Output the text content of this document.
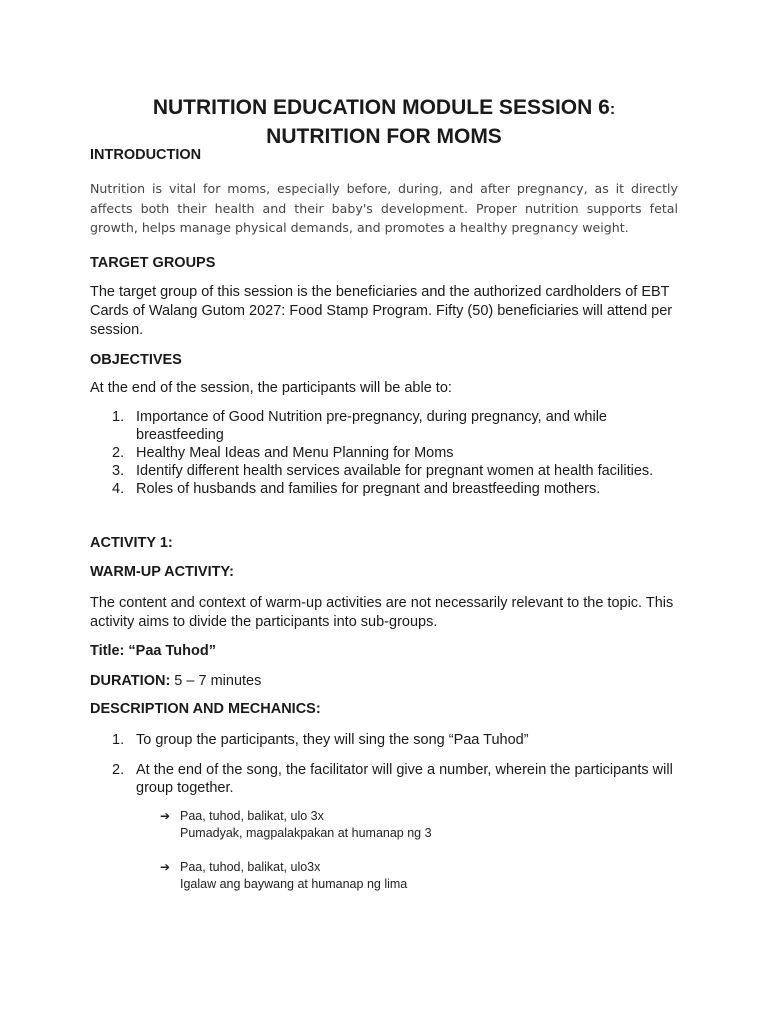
NUTRITION EDUCATION MODULE SESSION 6:
NUTRITION FOR MOMS
INTRODUCTION
Nutrition is vital for moms, especially before, during, and after pregnancy, as it directly affects both their health and their baby's development. Proper nutrition supports fetal growth, helps manage physical demands, and promotes a healthy pregnancy weight.
TARGET GROUPS
The target group of this session is the beneficiaries and the authorized cardholders of EBT Cards of Walang Gutom 2027: Food Stamp Program. Fifty (50) beneficiaries will attend per session.
OBJECTIVES
At the end of the session, the participants will be able to:
1. Importance of Good Nutrition pre-pregnancy, during pregnancy, and while breastfeeding
2. Healthy Meal Ideas and Menu Planning for Moms
3. Identify different health services available for pregnant women at health facilities.
4. Roles of husbands and families for pregnant and breastfeeding mothers.
ACTIVITY 1:
WARM-UP ACTIVITY:
The content and context of warm-up activities are not necessarily relevant to the topic. This activity aims to divide the participants into sub-groups.
Title: “Paa Tuhod”
DURATION: 5 – 7 minutes
DESCRIPTION AND MECHANICS:
1. To group the participants, they will sing the song “Paa Tuhod”
2. At the end of the song, the facilitator will give a number, wherein the participants will group together.
➔ Paa, tuhod, balikat, ulo 3x
Pumadyak, magpalakpakan at humanap ng 3
➔ Paa, tuhod, balikat, ulo3x
Igalaw ang baywang at humanap ng lima
